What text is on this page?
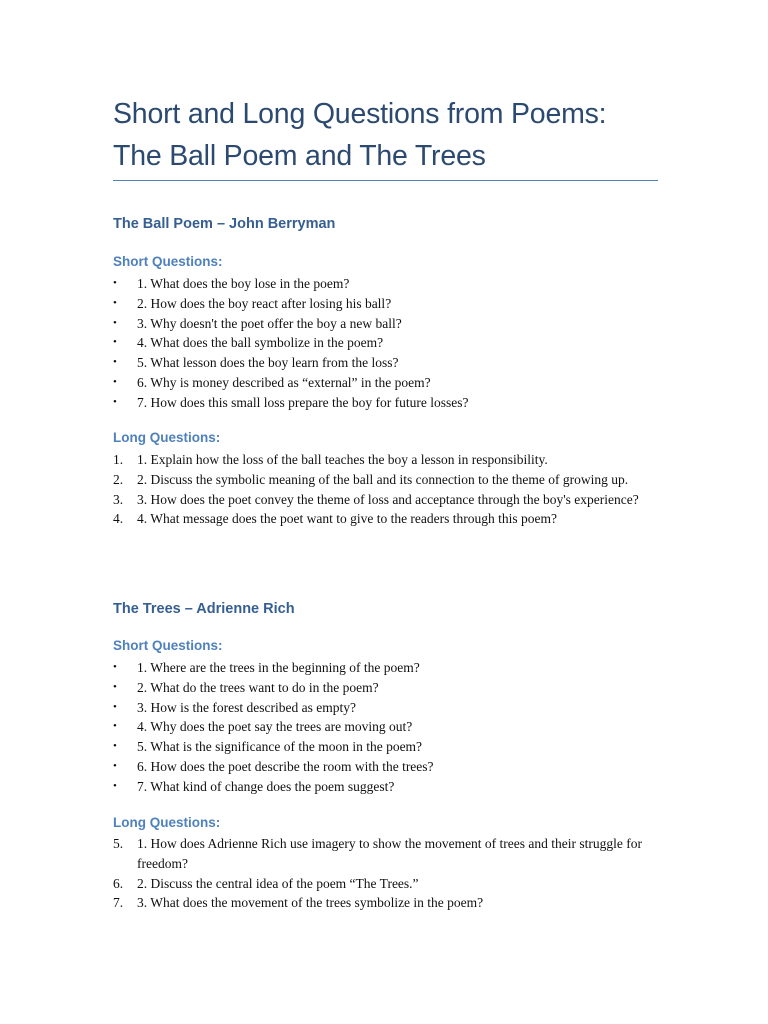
Short and Long Questions from Poems:
The Ball Poem and The Trees
The Ball Poem – John Berryman
Short Questions:
•	1. What does the boy lose in the poem?
•	2. How does the boy react after losing his ball?
•	3. Why doesn't the poet offer the boy a new ball?
•	4. What does the ball symbolize in the poem?
•	5. What lesson does the boy learn from the loss?
•	6. Why is money described as “external” in the poem?
•	7. How does this small loss prepare the boy for future losses?
Long Questions:
1.	1. Explain how the loss of the ball teaches the boy a lesson in responsibility.
2.	2. Discuss the symbolic meaning of the ball and its connection to the theme of growing up.
3.	3. How does the poet convey the theme of loss and acceptance through the boy's experience?
4.	4. What message does the poet want to give to the readers through this poem?
The Trees – Adrienne Rich
Short Questions:
•	1. Where are the trees in the beginning of the poem?
•	2. What do the trees want to do in the poem?
•	3. How is the forest described as empty?
•	4. Why does the poet say the trees are moving out?
•	5. What is the significance of the moon in the poem?
•	6. How does the poet describe the room with the trees?
•	7. What kind of change does the poem suggest?
Long Questions:
5.	1. How does Adrienne Rich use imagery to show the movement of trees and their struggle for freedom?
6.	2. Discuss the central idea of the poem “The Trees.”
7.	3. What does the movement of the trees symbolize in the poem?
